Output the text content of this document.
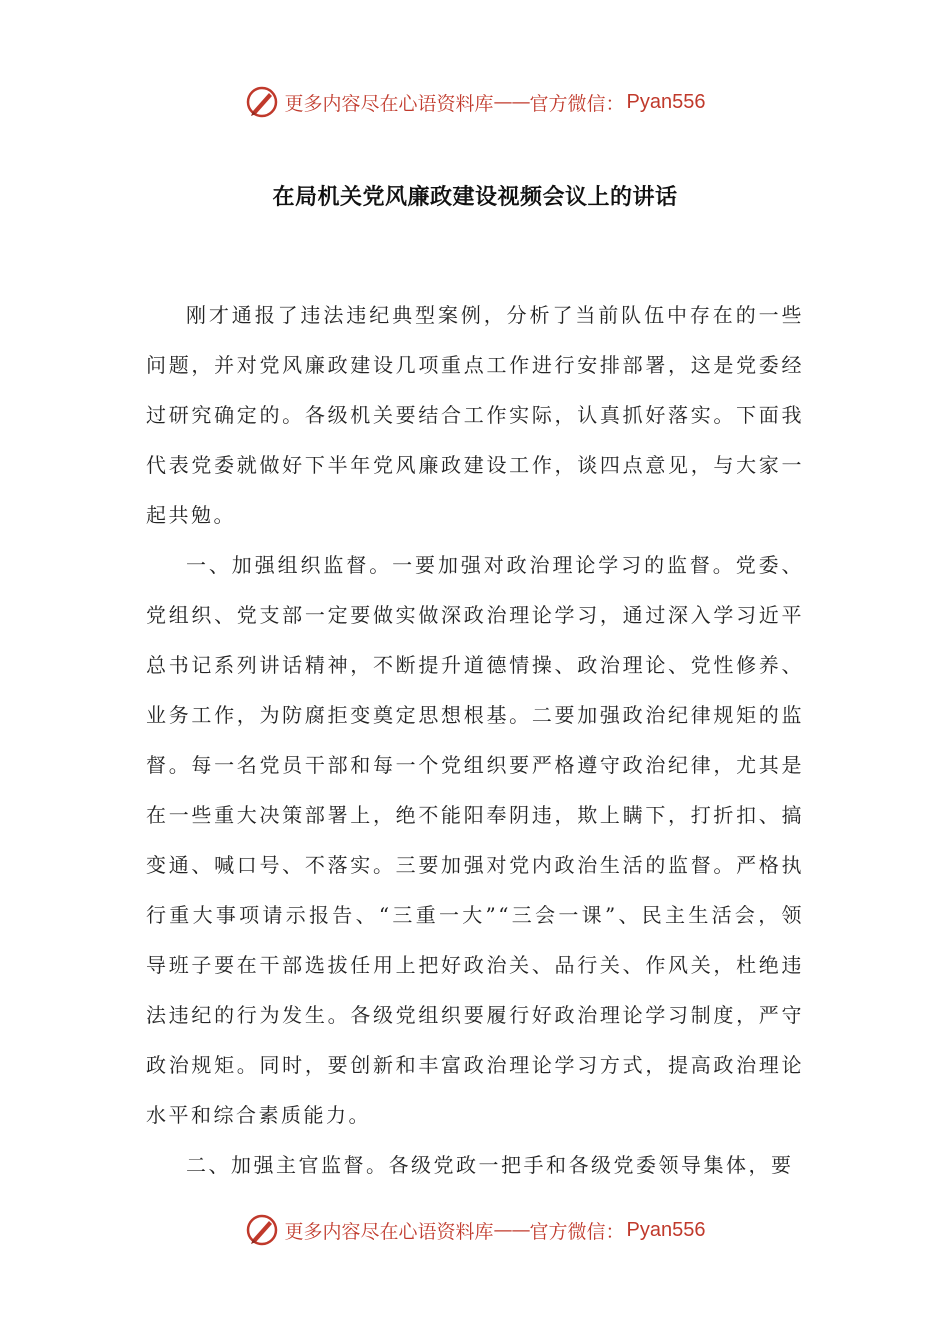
更多内容尽在心语资料库 —— 官方微信： Pyan556
在局机关党风廉政建设视频会议上的讲话

刚才通报了违法违纪典型案例，分析了当前队伍中存在的一些问题，并对党风廉政建设几项重点工作进行安排部署，这是党委经过研究确定的。各级机关要结合工作实际，认真抓好落实。下面我代表党委就做好下半年党风廉政建设工作，谈四点意见，与大家一起共勉。

一、加强组织监督。一要加强对政治理论学习的监督。党委、党组织、党支部一定要做实做深政治理论学习，通过深入学习近平总书记系列讲话精神，不断提升道德情操、政治理论、党性修养、业务工作，为防腐拒变奠定思想根基。二要加强政治纪律规矩的监督。每一名党员干部和每一个党组织要严格遵守政治纪律，尤其是在一些重大决策部署上，绝不能阳奉阴违，欺上瞒下，打折扣、搞变通、喊口号、不落实。三要加强对党内政治生活的监督。严格执行重大事项请示报告、“三重一大”“三会一课”、民主生活会，领导班子要在干部选拔任用上把好政治关、品行关、作风关，杜绝违法违纪的行为发生。各级党组织要履行好政治理论学习制度，严守政治规矩。同时，要创新和丰富政治理论学习方式，提高政治理论水平和综合素质能力。

二、加强主官监督。各级党政一把手和各级党委领导集体，要

更多内容尽在心语资料库 —— 官方微信： Pyan556
